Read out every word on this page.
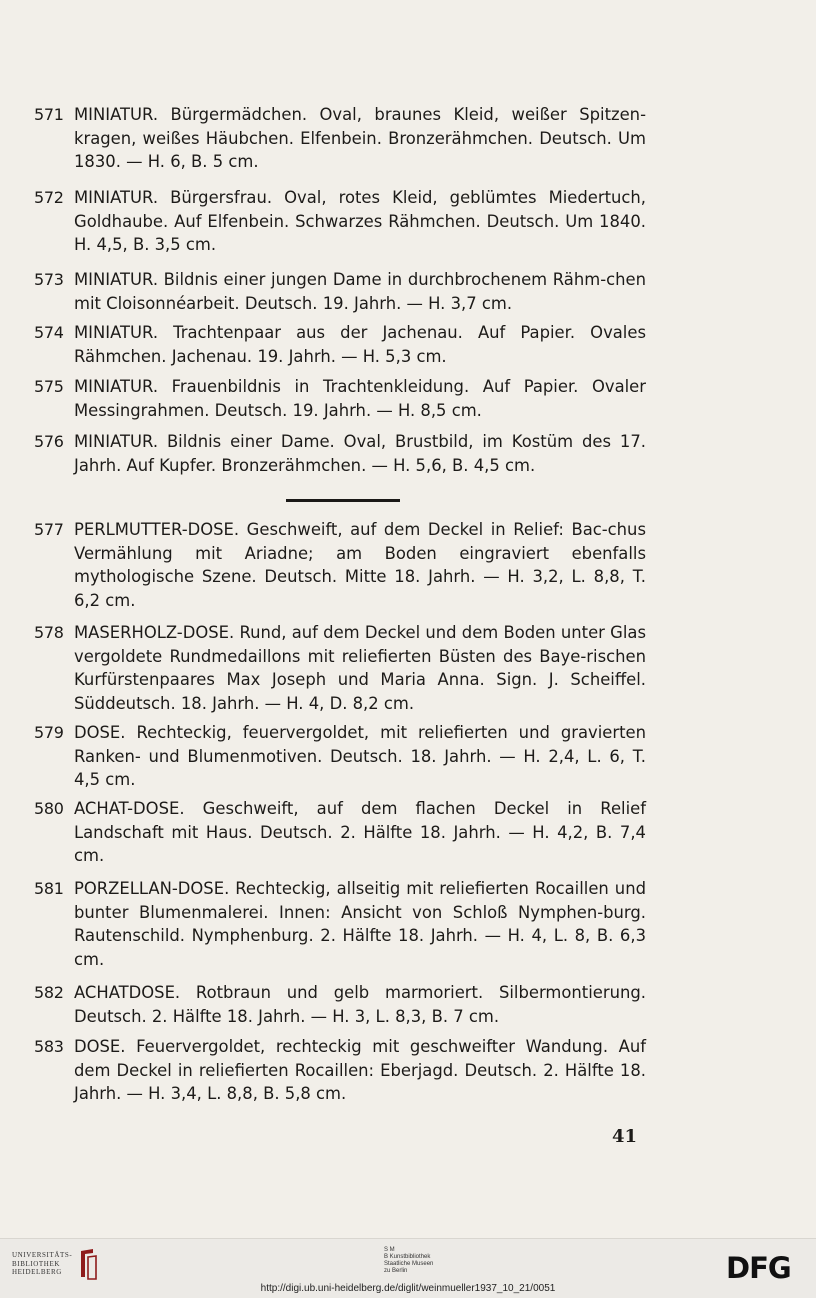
571 MINIATUR. Bürgermädchen. Oval, braunes Kleid, weißer Spitzen-kragen, weißes Häubchen. Elfenbein. Bronzerähmchen. Deutsch. Um 1830. — H. 6, B. 5 cm.
572 MINIATUR. Bürgersfrau. Oval, rotes Kleid, geblümtes Miedertuch, Goldhaube. Auf Elfenbein. Schwarzes Rähmchen. Deutsch. Um 1840. H. 4,5, B. 3,5 cm.
573 MINIATUR. Bildnis einer jungen Dame in durchbrochenem Rähm-chen mit Cloisonnéarbeit. Deutsch. 19. Jahrh. — H. 3,7 cm.
574 MINIATUR. Trachtenpaar aus der Jachenau. Auf Papier. Ovales Rähmchen. Jachenau. 19. Jahrh. — H. 5,3 cm.
575 MINIATUR. Frauenbildnis in Trachtenkleidung. Auf Papier. Ovaler Messingrahmen. Deutsch. 19. Jahrh. — H. 8,5 cm.
576 MINIATUR. Bildnis einer Dame. Oval, Brustbild, im Kostüm des 17. Jahrh. Auf Kupfer. Bronzerähmchen. — H. 5,6, B. 4,5 cm.
577 PERLMUTTER-DOSE. Geschweift, auf dem Deckel in Relief: Bac-chus Vermählung mit Ariadne; am Boden eingraviert ebenfalls mythologische Szene. Deutsch. Mitte 18. Jahrh. — H. 3,2, L. 8,8, T. 6,2 cm.
578 MASERHOLZ-DOSE. Rund, auf dem Deckel und dem Boden unter Glas vergoldete Rundmedaillons mit reliefierten Büsten des Baye-rischen Kurfürstenpaares Max Joseph und Maria Anna. Sign. J. Scheiffel. Süddeutsch. 18. Jahrh. — H. 4, D. 8,2 cm.
579 DOSE. Rechteckig, feuervergoldet, mit reliefierten und gravierten Ranken- und Blumenmotiven. Deutsch. 18. Jahrh. — H. 2,4, L. 6, T. 4,5 cm.
580 ACHAT-DOSE. Geschweift, auf dem flachen Deckel in Relief Landschaft mit Haus. Deutsch. 2. Hälfte 18. Jahrh. — H. 4,2, B. 7,4 cm.
581 PORZELLAN-DOSE. Rechteckig, allseitig mit reliefierten Rocaillen und bunter Blumenmalerei. Innen: Ansicht von Schloß Nymphen-burg. Rautenschild. Nymphenburg. 2. Hälfte 18. Jahrh. — H. 4, L. 8, B. 6,3 cm.
582 ACHATDOSE. Rotbraun und gelb marmoriert. Silbermontierung. Deutsch. 2. Hälfte 18. Jahrh. — H. 3, L. 8,3, B. 7 cm.
583 DOSE. Feuervergoldet, rechteckig mit geschweifter Wandung. Auf dem Deckel in reliefierten Rocaillen: Eberjagd. Deutsch. 2. Hälfte 18. Jahrh. — H. 3,4, L. 8,8, B. 5,8 cm.
41
UNIVERSITÄTS-
BIBLIOTHEK
HEIDELBERG
S M
B Kunstbibliothek
Staatliche Museen
zu Berlin
http://digi.ub.uni-heidelberg.de/diglit/weinmueller1937_10_21/0051
DFG
